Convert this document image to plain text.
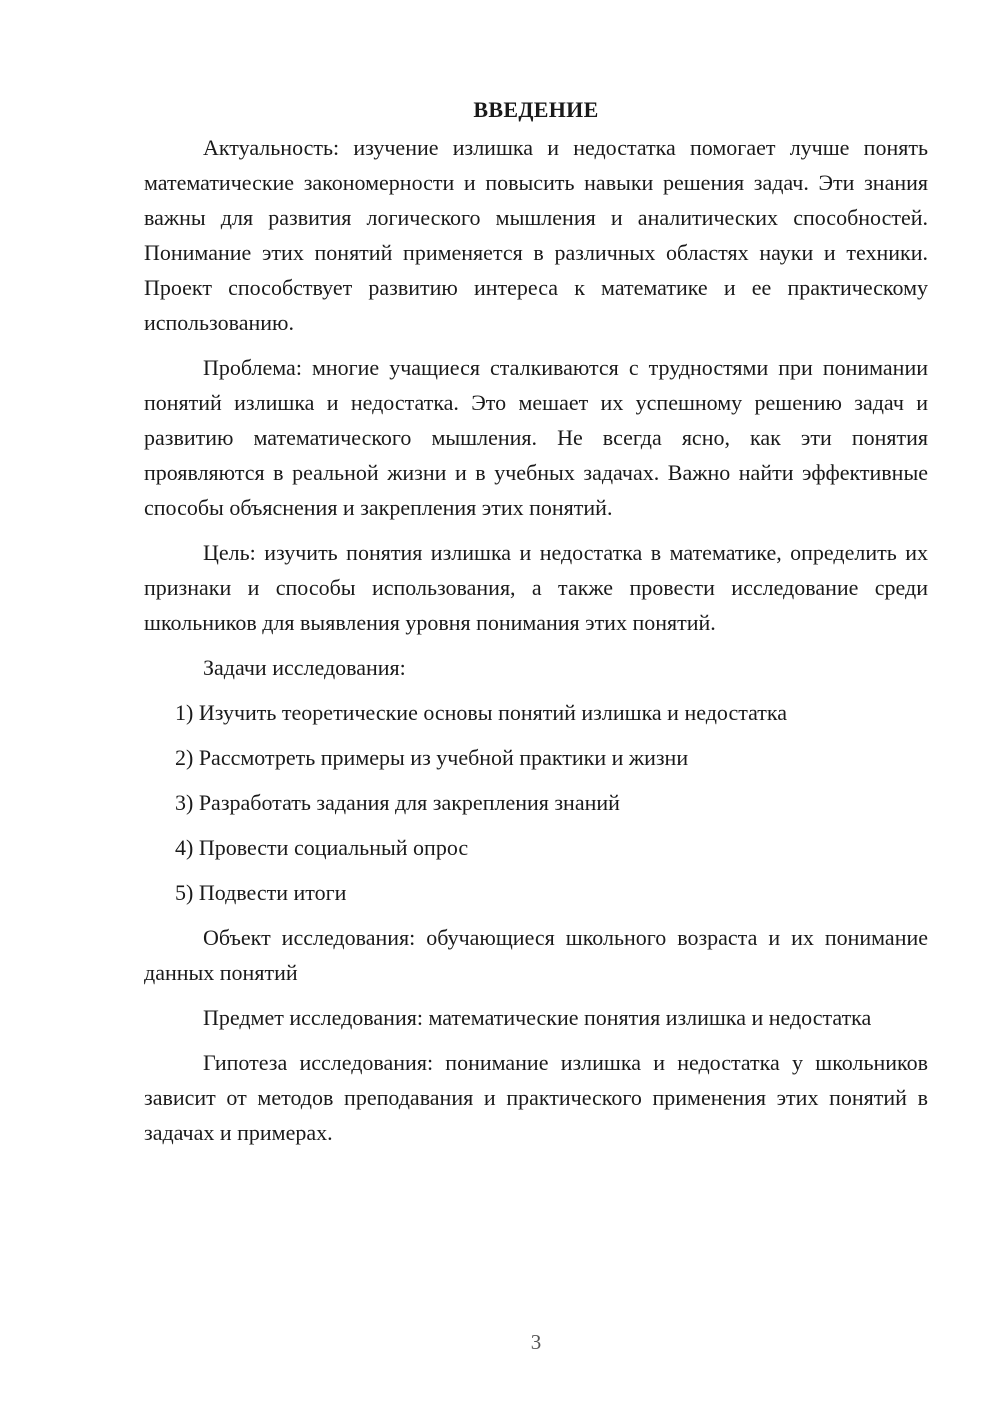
ВВЕДЕНИЕ

Актуальность: изучение излишка и недостатка помогает лучше понять математические закономерности и повысить навыки решения задач. Эти знания важны для развития логического мышления и аналитических способностей. Понимание этих понятий применяется в различных областях науки и техники. Проект способствует развитию интереса к математике и ее практическому использованию.

Проблема: многие учащиеся сталкиваются с трудностями при понимании понятий излишка и недостатка. Это мешает их успешному решению задач и развитию математического мышления. Не всегда ясно, как эти понятия проявляются в реальной жизни и в учебных задачах. Важно найти эффективные способы объяснения и закрепления этих понятий.

Цель: изучить понятия излишка и недостатка в математике, определить их признаки и способы использования, а также провести исследование среди школьников для выявления уровня понимания этих понятий.

Задачи исследования:

1) Изучить теоретические основы понятий излишка и недостатка
2) Рассмотреть примеры из учебной практики и жизни
3) Разработать задания для закрепления знаний
4) Провести социальный опрос
5) Подвести итоги

Объект исследования: обучающиеся школьного возраста и их понимание данных понятий

Предмет исследования: математические понятия излишка и недостатка

Гипотеза исследования: понимание излишка и недостатка у школьников зависит от методов преподавания и практического применения этих понятий в задачах и примерах.

3
